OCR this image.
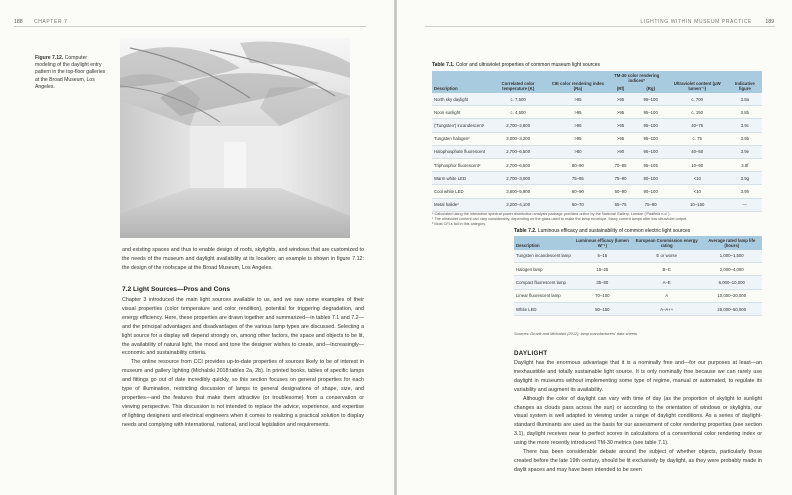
188 CHAPTER 7
Figure 7.12. Computer modeling of the daylight entry pattern in the top-floor galleries at the Broad Museum, Los Angeles.

and existing spaces and thus to enable design of roofs, skylights, and windows that are customized to the needs of the museum and daylight availability at its location; an example is shown in figure 7.12: the design of the roofscape at the Broad Museum, Los Angeles.

7.2 Light Sources—Pros and Cons

Chapter 3 introduced the main light sources available to us, and we saw some examples of their visual properties (color temperature and color rendition), potential for triggering degradation, and energy efficiency. Here, these properties are drawn together and summarized—in tables 7.1 and 7.2—and the principal advantages and disadvantages of the various lamp types are discussed. Selecting a light source for a display will depend strongly on, among other factors, the space and objects to be lit, the availability of natural light, the mood and tone the designer wishes to create, and—increasingly—economic and sustainability criteria.

The online resource from CCI provides up-to-date properties of sources likely to be of interest in museum and gallery lighting (Michalski 2018:tables 2a, 2b). In printed books, tables of specific lamps and fittings go out of date incredibly quickly, so this section focuses on general properties for each type of illumination, restricting discussion of lamps to general designations of shape, size, and properties—and the features that make them attractive (or troublesome) from a conservation or viewing perspective. This discussion is not intended to replace the advice, experience, and expertise of lighting designers and electrical engineers when it comes to realizing a practical solution to display needs and complying with international, national, and local legislation and requirements.

LIGHTING WITHIN MUSEUM PRACTICE	189
Table 7.1. Color and ultraviolet properties of common museum light sources
Description	Correlated color temperature (K)	CIE color rendering index (Ra)	TM-30 color rendering indices*		Ultraviolet content (µW lumen⁻¹)	Indicative figure
			(Rf)	(Rg)		
North sky daylight	c. 7,500	>95	>95	95–100	c. 700	3.8a
Noon sunlight	c. 4,500	>95	>95	95–100	c. 150	3.8b
('Tungsten') incandescent¹	2,700–2,800	>95	>95	95–100	40–75	3.9c
Tungsten halogen²	3,000–3,200	>95	>95	95–100	c. 75	3.9b
Halophosphate fluorescent	2,700–6,500	>80	>90	95–100	40–50	3.9e
Triphosphor fluorescent²	2,700–6,500	80–90	70–85	95–105	10–90	3.9f
Warm white LED	2,700–3,000	75–95	75–90	90–100	<10	3.9g
Cool white LED	3,600–5,900	60–90	60–90	90–100	<10	3.9h
Metal halide³	3,200–4,100	60–70	65–75	75–80	10–150	—
* Calculated using the interactive spectral power distribution analysis package provided online by the National Gallery, London ('Padfield n.d.').
¹ The ultraviolet content can vary considerably, depending on the glass used to make the lamp envelope. Many current lamps offer low ultraviolet output.
² Most CFLs fall in this category.
Table 7.2. Luminous efficacy and sustainability of common electric light sources
Description	Luminous efficacy (lumen W⁻¹)	European Commission energy rating	Average rated lamp life (hours)
Tungsten incandescent lamp	5–15	E or worse	1,000–1,500
Halogen lamp	15–25	B–C	2,000–4,000
Compact fluorescent lamp	35–80	A–E	6,000–10,000
Linear fluorescent lamp	70–100	A	10,000–20,000
White LED	50–150	A–A++	25,000–50,000
Sources: Druzik and Michalski (2012); lamp manufacturers' data sheets.
DAYLIGHT

Daylight has the enormous advantage that it is a nominally free and—for our purposes at least—an inexhaustible and totally sustainable light source. It is only nominally free because we can rarely use daylight in museums without implementing some type of regime, manual or automated, to regulate its variability and augment its availability.

Although the color of daylight can vary with time of day (as the proportion of skylight to sunlight changes as clouds pass across the sun) or according to the orientation of windows or skylights, our visual system is well adapted to viewing under a range of daylight conditions. As a series of daylight-standard illuminants are used as the basis for our assessment of color rendering properties (see section 3.1), daylight receives near to perfect scores in calculations of a conventional color rendering index or using the more recently introduced TM-30 metrics (see table 7.1).

There has been considerable debate around the subject of whether objects, particularly those created before the late 19th century, should be lit exclusively by daylight, as they were probably made in daylit spaces and may have been intended to be seen
